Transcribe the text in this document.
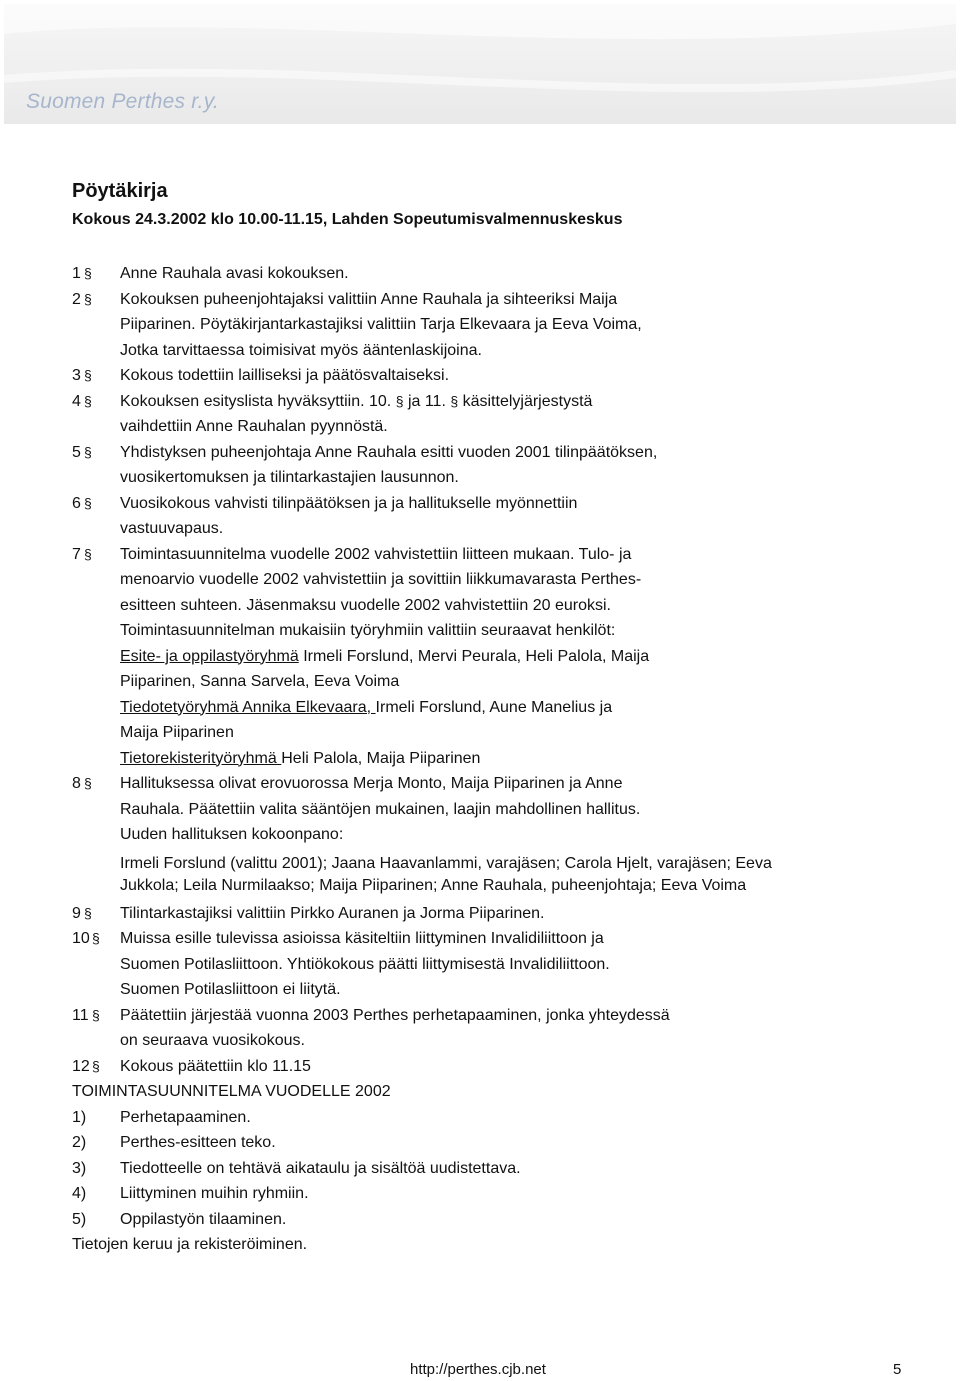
Suomen Perthes r.y.
Pöytäkirja
Kokous 24.3.2002 klo 10.00-11.15, Lahden Sopeutumisvalmennuskeskus
1 § Anne Rauhala avasi kokouksen.
2 § Kokouksen puheenjohtajaksi valittiin Anne Rauhala ja sihteeriksi Maija
Piiparinen. Pöytäkirjantarkastajiksi valittiin Tarja Elkevaara ja Eeva Voima,
Jotka tarvittaessa toimisivat myös ääntenlaskijoina.
3 § Kokous todettiin lailliseksi ja päätösvaltaiseksi.
4 § Kokouksen esityslista hyväksyttiin. 10. § ja 11. § käsittelyjärjestystä
vaihdettiin Anne Rauhalan pyynnöstä.
5 § Yhdistyksen puheenjohtaja Anne Rauhala esitti vuoden 2001 tilinpäätöksen,
vuosikertomuksen ja tilintarkastajien lausunnon.
6 § Vuosikokous vahvisti tilinpäätöksen ja ja hallitukselle myönnettiin
vastuuvapaus.
7 § Toimintasuunnitelma vuodelle 2002 vahvistettiin liitteen mukaan. Tulo- ja
menoarvio vuodelle 2002 vahvistettiin ja sovittiin liikkumavarasta Perthes-
esitteen suhteen. Jäsenmaksu vuodelle 2002 vahvistettiin 20 euroksi.
Toimintasuunnitelman mukaisiin työryhmiin valittiin seuraavat henkilöt:
Esite- ja oppilastyöryhmä Irmeli Forslund, Mervi Peurala, Heli Palola, Maija
Piiparinen, Sanna Sarvela, Eeva Voima
Tiedotetyöryhmä Annika Elkevaara, Irmeli Forslund, Aune Manelius ja
Maija Piiparinen
Tietorekisterityöryhmä Heli Palola, Maija Piiparinen
8 § Hallituksessa olivat erovuorossa Merja Monto, Maija Piiparinen ja Anne
Rauhala. Päätettiin valita sääntöjen mukainen, laajin mahdollinen hallitus.
Uuden hallituksen kokoonpano:
Irmeli Forslund (valittu 2001); Jaana Haavanlammi, varajäsen; Carola Hjelt, varajäsen; Eeva
Jukkola; Leila Nurmilaakso; Maija Piiparinen; Anne Rauhala, puheenjohtaja; Eeva Voima
9 § Tilintarkastajiksi valittiin Pirkko Auranen ja Jorma Piiparinen.
10 § Muissa esille tulevissa asioissa käsiteltiin liittyminen Invalidiliittoon ja
Suomen Potilasliittoon. Yhtiökokous päätti liittymisestä Invalidiliittoon.
Suomen Potilasliittoon ei liitytä.
11 § Päätettiin järjestää vuonna 2003 Perthes perhetapaaminen, jonka yhteydessä
on seuraava vuosikokous.
12 § Kokous päätettiin klo 11.15
TOIMINTASUUNNITELMA VUODELLE 2002
1) Perhetapaaminen.
2) Perthes-esitteen teko.
3) Tiedotteelle on tehtävä aikataulu ja sisältöä uudistettava.
4) Liittyminen muihin ryhmiin.
5) Oppilastyön tilaaminen.
Tietojen keruu ja rekisteröiminen.
http://perthes.cjb.net	5
